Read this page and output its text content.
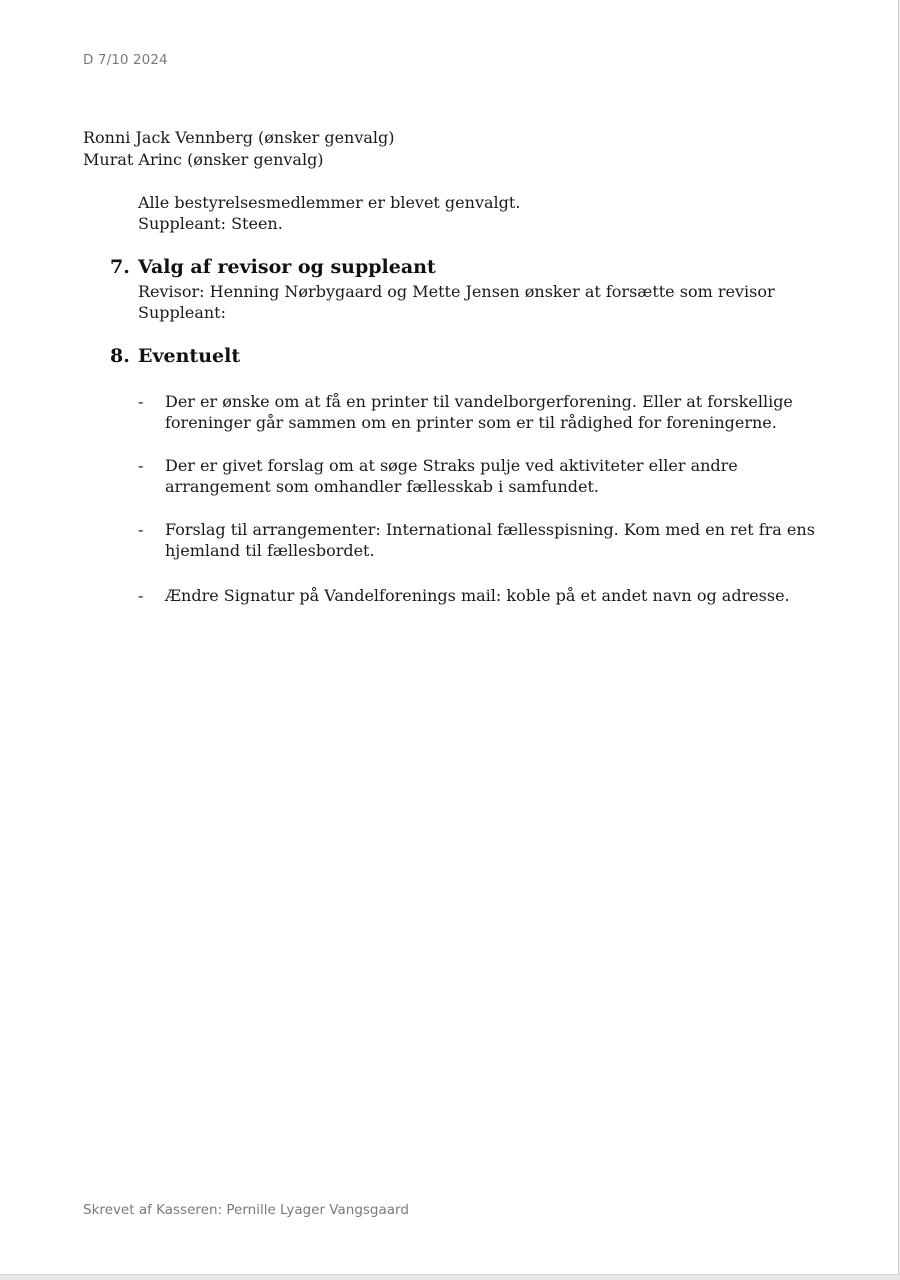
D 7/10 2024
Ronni Jack Vennberg (ønsker genvalg)
Murat Arinc (ønsker genvalg)
Alle bestyrelsesmedlemmer er blevet genvalgt.
Suppleant: Steen.
7. Valg af revisor og suppleant
Revisor: Henning Nørbygaard og Mette Jensen ønsker at forsætte som revisor
Suppleant:
8. Eventuelt
- Der er ønske om at få en printer til vandelborgerforening. Eller at forskellige foreninger går sammen om en printer som er til rådighed for foreningerne.
- Der er givet forslag om at søge Straks pulje ved aktiviteter eller andre arrangement som omhandler fællesskab i samfundet.
- Forslag til arrangementer: International fællesspisning. Kom med en ret fra ens hjemland til fællesbordet.
- Ændre Signatur på Vandelforenings mail: koble på et andet navn og adresse.
Skrevet af Kasseren: Pernille Lyager Vangsgaard
